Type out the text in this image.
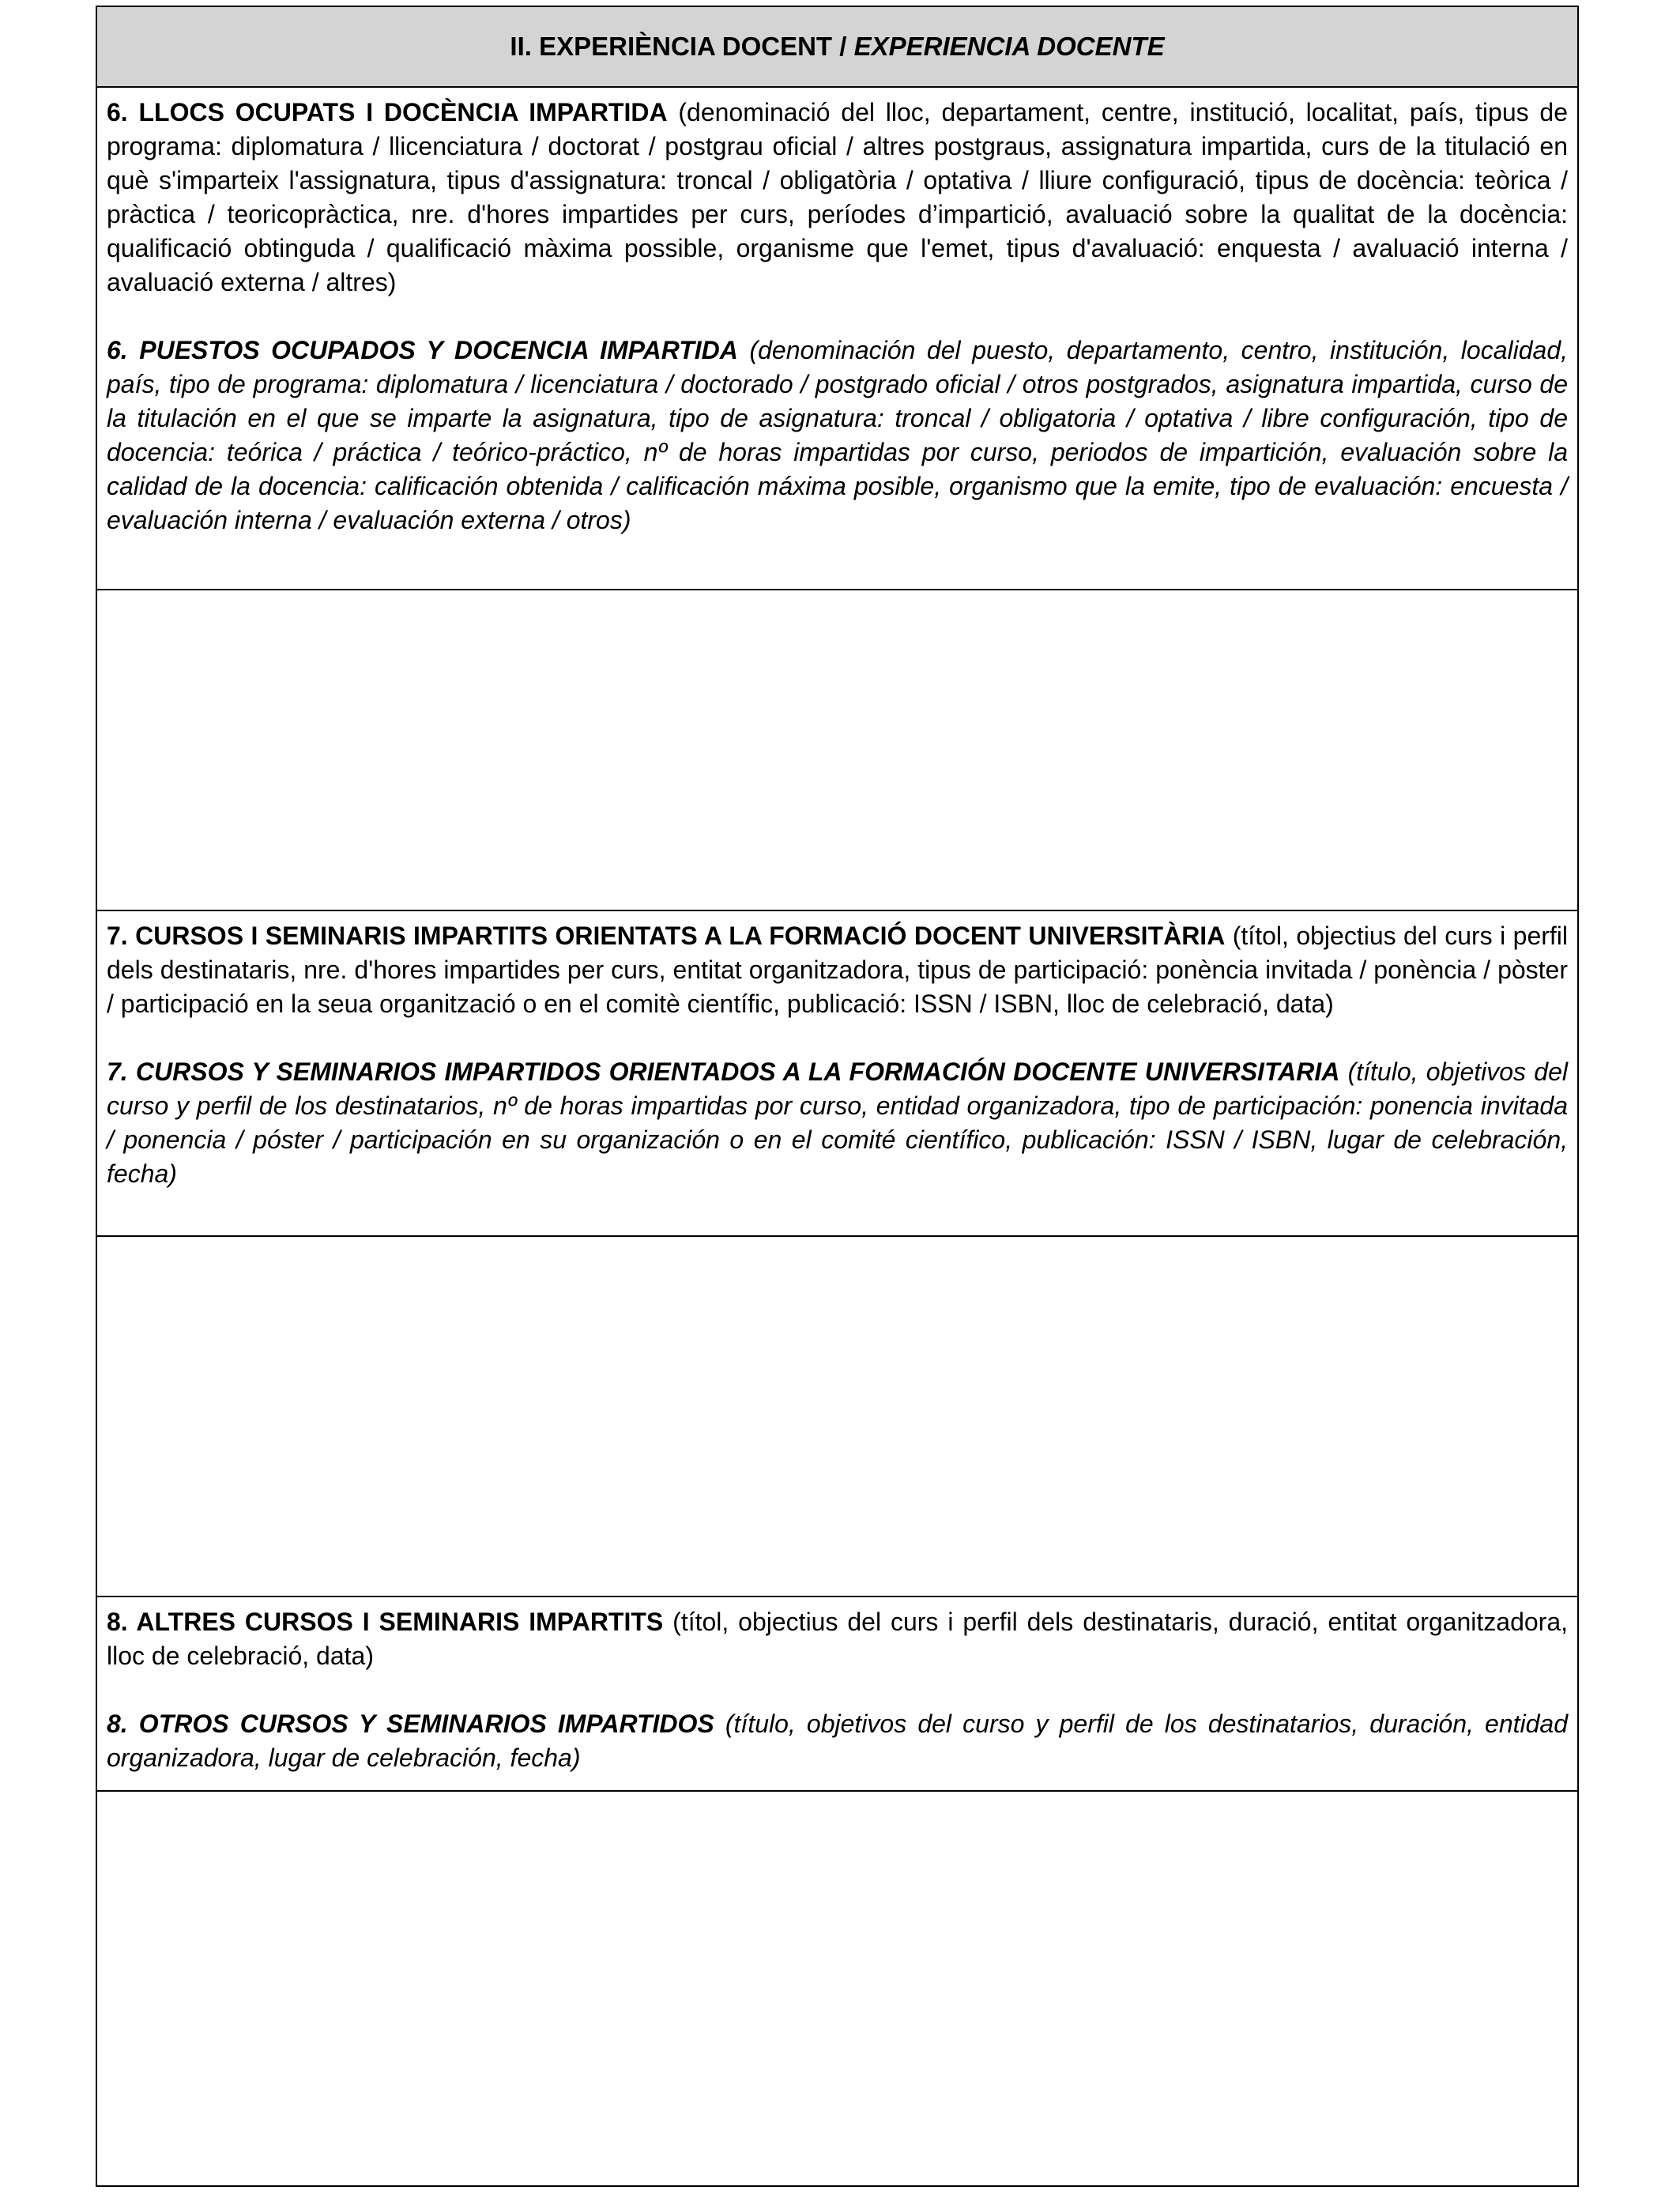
II. EXPERIÈNCIA DOCENT / EXPERIENCIA DOCENTE

6. LLOCS OCUPATS I DOCÈNCIA IMPARTIDA (denominació del lloc, departament, centre, institució, localitat, país, tipus de programa: diplomatura / llicenciatura / doctorat / postgrau oficial / altres postgraus, assignatura impartida, curs de la titulació en què s'imparteix l'assignatura, tipus d'assignatura: troncal / obligatòria / optativa / lliure configuració, tipus de docència: teòrica / pràctica / teoricopràctica, nre. d'hores impartides per curs, períodes d’impartició, avaluació sobre la qualitat de la docència: qualificació obtinguda / qualificació màxima possible, organisme que l'emet, tipus d'avaluació: enquesta / avaluació interna / avaluació externa / altres)

6. PUESTOS OCUPADOS Y DOCENCIA IMPARTIDA (denominación del puesto, departamento, centro, institución, localidad, país, tipo de programa: diplomatura / licenciatura / doctorado / postgrado oficial / otros postgrados, asignatura impartida, curso de la titulación en el que se imparte la asignatura, tipo de asignatura: troncal / obligatoria / optativa / libre configuración, tipo de docencia: teórica / práctica / teórico-práctico, nº de horas impartidas por curso, periodos de impartición, evaluación sobre la calidad de la docencia: calificación obtenida / calificación máxima posible, organismo que la emite, tipo de evaluación: encuesta / evaluación interna / evaluación externa / otros)

7. CURSOS I SEMINARIS IMPARTITS ORIENTATS A LA FORMACIÓ DOCENT UNIVERSITÀRIA (títol, objectius del curs i perfil dels destinataris, nre. d'hores impartides per curs, entitat organitzadora, tipus de participació: ponència invitada / ponència / pòster / participació en la seua organització o en el comitè científic, publicació: ISSN / ISBN, lloc de celebració, data)

7. CURSOS Y SEMINARIOS IMPARTIDOS ORIENTADOS A LA FORMACIÓN DOCENTE UNIVERSITARIA (título, objetivos del curso y perfil de los destinatarios, nº de horas impartidas por curso, entidad organizadora, tipo de participación: ponencia invitada / ponencia / póster / participación en su organización o en el comité científico, publicación: ISSN / ISBN, lugar de celebración, fecha)

8. ALTRES CURSOS I SEMINARIS IMPARTITS (títol, objectius del curs i perfil dels destinataris, duració, entitat organitzadora, lloc de celebració, data)

8. OTROS CURSOS Y SEMINARIOS IMPARTIDOS (título, objetivos del curso y perfil de los destinatarios, duración, entidad organizadora, lugar de celebración, fecha)
